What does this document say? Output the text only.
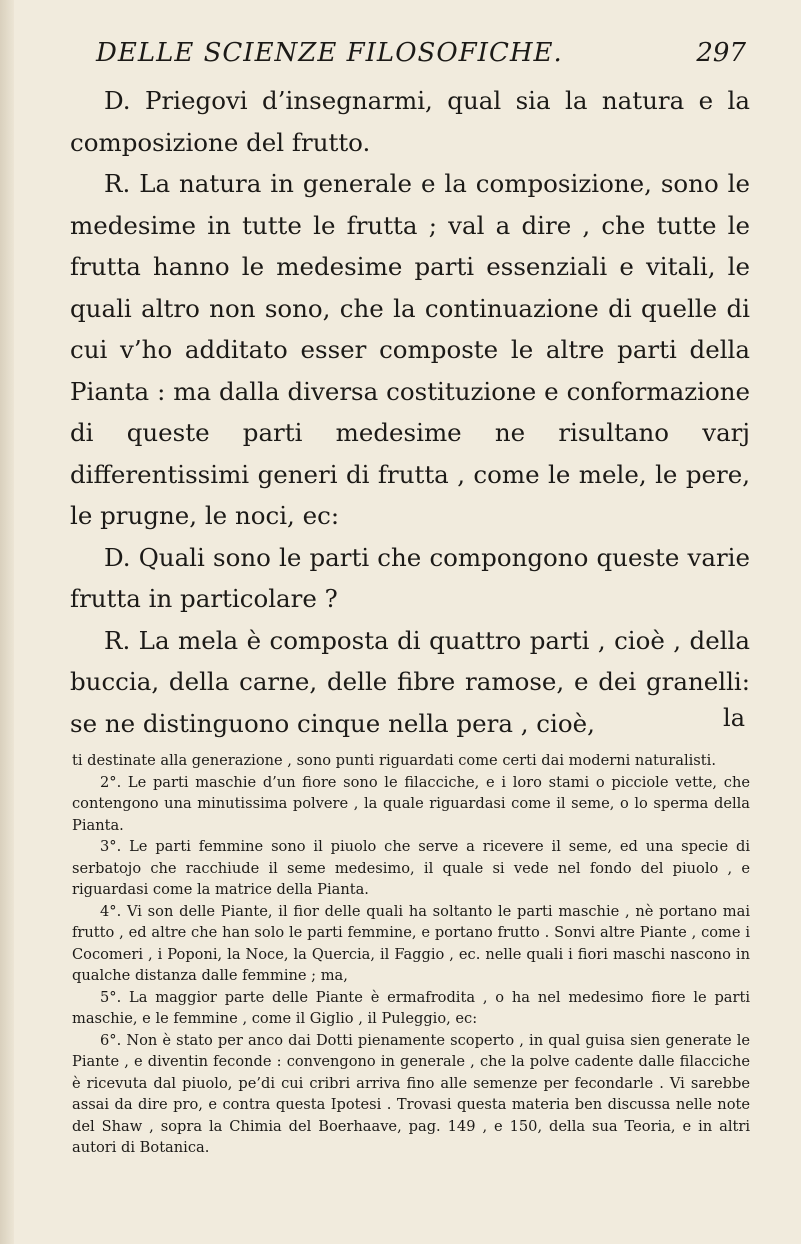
DELLE SCIENZE FILOSOFICHE.	297

D. Priegovi d’insegnarmi, qual sia la natura e la composizione del frutto.

R. La natura in generale e la composizione, sono le medesime in tutte le frutta ; val a dire , che tutte le frutta hanno le medesime parti essenziali e vitali, le quali altro non sono, che la continuazione di quelle di cui v’ho additato esser composte le altre parti della Pianta : ma dalla diversa costituzione e conformazione di queste parti medesime ne risultano varj differentissimi generi di frutta , come le mele, le pere, le prugne, le noci, ec:

D. Quali sono le parti che compongono queste varie frutta in particolare ?

R. La mela è composta di quattro parti , cioè , della buccia, della carne, delle fibre ramose, e dei granelli: se ne distinguono cinque nella pera , cioè,	la

ti destinate alla generazione , sono punti riguardati come certi dai moderni naturalisti.

2°. Le parti maschie d’un fiore sono le filacciche, e i loro stami o picciole vette, che contengono una minutissima polvere , la quale riguardasi come il seme, o lo sperma della Pianta.

3°. Le parti femmine sono il piuolo che serve a ricevere il seme, ed una specie di serbatojo che racchiude il seme medesimo, il quale si vede nel fondo del piuolo , e riguardasi come la matrice della Pianta.

4°. Vi son delle Piante, il fior delle quali ha soltanto le parti maschie , nè portano mai frutto , ed altre che han solo le parti femmine, e portano frutto . Sonvi altre Piante , come i Cocomeri , i Poponi, la Noce, la Quercia, il Faggio , ec. nelle quali i fiori maschi nascono in qualche distanza dalle femmine ; ma,

5°. La maggior parte delle Piante è ermafrodita , o ha nel medesimo fiore le parti maschie, e le femmine , come il Giglio , il Puleggio, ec:

6°. Non è stato per anco dai Dotti pienamente scoperto , in qual guisa sien generate le Piante , e diventin feconde : convengono in generale , che la polve cadente dalle filacciche è ricevuta dal piuolo, pe’di cui cribri arriva fino alle semenze per fecondarle . Vi sarebbe assai da dire pro, e contra questa Ipotesi . Trovasi questa materia ben discussa nelle note del Shaw , sopra la Chimia del Boerhaave, pag. 149 , e 150, della sua Teoria, e in altri autori di Botanica.
